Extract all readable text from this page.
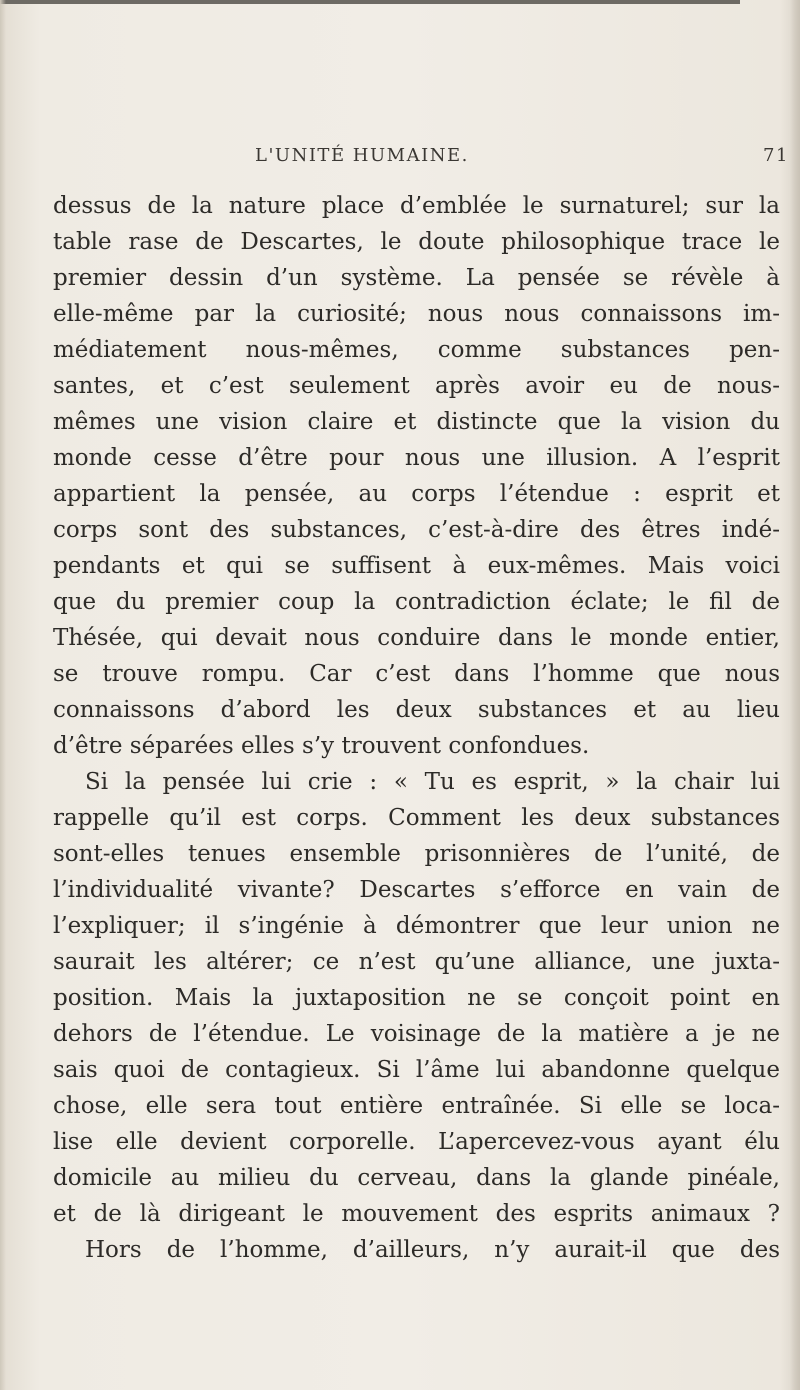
L'UNITÉ HUMAINE.	71
dessus de la nature place d’emblée le surnaturel; sur la
table rase de Descartes, le doute philosophique trace le
premier dessin d’un système. La pensée se révèle à
elle-même par la curiosité; nous nous connaissons im-
médiatement nous-mêmes, comme substances pen-
santes, et c’est seulement après avoir eu de nous-
mêmes une vision claire et distincte que la vision du
monde cesse d’être pour nous une illusion. A l’esprit
appartient la pensée, au corps l’étendue : esprit et
corps sont des substances, c’est-à-dire des êtres indé-
pendants et qui se suffisent à eux-mêmes. Mais voici
que du premier coup la contradiction éclate; le fil de
Thésée, qui devait nous conduire dans le monde entier,
se trouve rompu. Car c’est dans l’homme que nous
connaissons d’abord les deux substances et au lieu
d’être séparées elles s’y trouvent confondues.
Si la pensée lui crie : « Tu es esprit, » la chair lui
rappelle qu’il est corps. Comment les deux substances
sont-elles tenues ensemble prisonnières de l’unité, de
l’individualité vivante? Descartes s’efforce en vain de
l’expliquer; il s’ingénie à démontrer que leur union ne
saurait les altérer; ce n’est qu’une alliance, une juxta-
position. Mais la juxtaposition ne se conçoit point en
dehors de l’étendue. Le voisinage de la matière a je ne
sais quoi de contagieux. Si l’âme lui abandonne quelque
chose, elle sera tout entière entraînée. Si elle se loca-
lise elle devient corporelle. L’apercevez-vous ayant élu
domicile au milieu du cerveau, dans la glande pinéale,
et de là dirigeant le mouvement des esprits animaux ?
Hors de l’homme, d’ailleurs, n’y aurait-il que des
